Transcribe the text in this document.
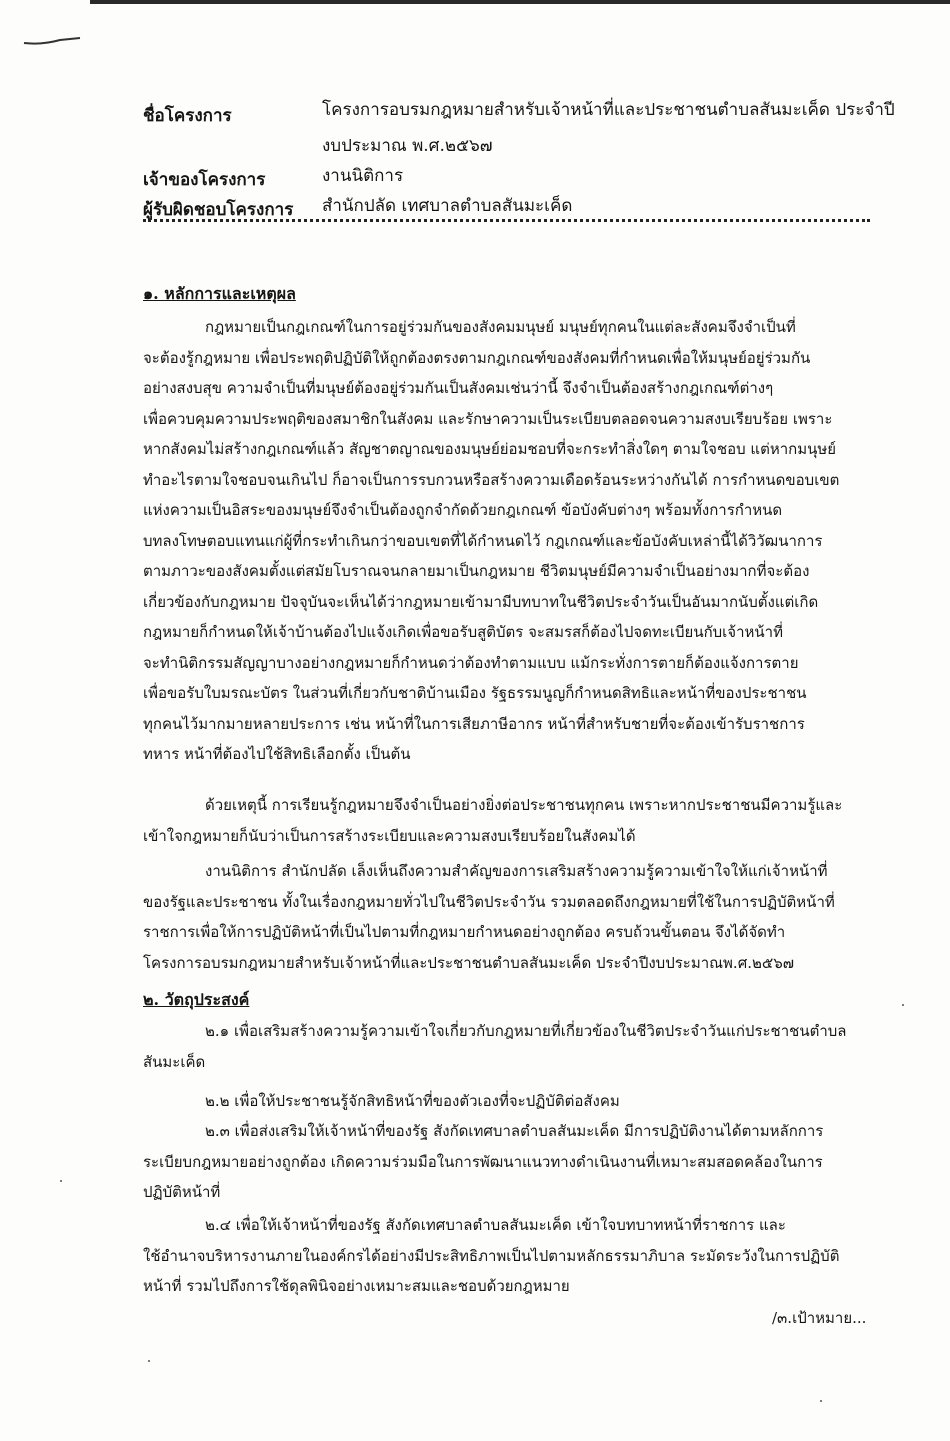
ชื่อโครงการ	โครงการอบรมกฎหมายสำหรับเจ้าหน้าที่และประชาชนตำบลสันมะเค็ด ประจำปี
งบประมาณ พ.ศ.๒๕๖๗
เจ้าของโครงการ	งานนิติการ
ผู้รับผิดชอบโครงการ สำนักปลัด เทศบาลตำบลสันมะเค็ด
๑. หลักการและเหตุผล
กฎหมายเป็นกฎเกณฑ์ในการอยู่ร่วมกันของสังคมมนุษย์ มนุษย์ทุกคนในแต่ละสังคมจึงจำเป็นที่
จะต้องรู้กฎหมาย เพื่อประพฤติปฏิบัติให้ถูกต้องตรงตามกฎเกณฑ์ของสังคมที่กำหนดเพื่อให้มนุษย์อยู่ร่วมกัน
อย่างสงบสุข ความจำเป็นที่มนุษย์ต้องอยู่ร่วมกันเป็นสังคมเช่นว่านี้ จึงจำเป็นต้องสร้างกฎเกณฑ์ต่างๆ
เพื่อควบคุมความประพฤติของสมาชิกในสังคม และรักษาความเป็นระเบียบตลอดจนความสงบเรียบร้อย เพราะ
หากสังคมไม่สร้างกฎเกณฑ์แล้ว สัญชาตญาณของมนุษย์ย่อมชอบที่จะกระทำสิ่งใดๆ ตามใจชอบ แต่หากมนุษย์
ทำอะไรตามใจชอบจนเกินไป ก็อาจเป็นการรบกวนหรือสร้างความเดือดร้อนระหว่างกันได้ การกำหนดขอบเขต
แห่งความเป็นอิสระของมนุษย์จึงจำเป็นต้องถูกจำกัดด้วยกฎเกณฑ์ ข้อบังคับต่างๆ พร้อมทั้งการกำหนด
บทลงโทษตอบแทนแก่ผู้ที่กระทำเกินกว่าขอบเขตที่ได้กำหนดไว้ กฎเกณฑ์และข้อบังคับเหล่านี้ได้วิวัฒนาการ
ตามภาวะของสังคมตั้งแต่สมัยโบราณจนกลายมาเป็นกฎหมาย ชีวิตมนุษย์มีความจำเป็นอย่างมากที่จะต้อง
เกี่ยวข้องกับกฎหมาย ปัจจุบันจะเห็นได้ว่ากฎหมายเข้ามามีบทบาทในชีวิตประจำวันเป็นอันมากนับตั้งแต่เกิด
กฎหมายก็กำหนดให้เจ้าบ้านต้องไปแจ้งเกิดเพื่อขอรับสูติบัตร จะสมรสก็ต้องไปจดทะเบียนกับเจ้าหน้าที่
จะทำนิติกรรมสัญญาบางอย่างกฎหมายก็กำหนดว่าต้องทำตามแบบ แม้กระทั่งการตายก็ต้องแจ้งการตาย
เพื่อขอรับใบมรณะบัตร ในส่วนที่เกี่ยวกับชาติบ้านเมือง รัฐธรรมนูญก็กำหนดสิทธิและหน้าที่ของประชาชน
ทุกคนไว้มากมายหลายประการ เช่น หน้าที่ในการเสียภาษีอากร หน้าที่สำหรับชายที่จะต้องเข้ารับราชการ
ทหาร หน้าที่ต้องไปใช้สิทธิเลือกตั้ง เป็นต้น
ด้วยเหตุนี้ การเรียนรู้กฎหมายจึงจำเป็นอย่างยิ่งต่อประชาชนทุกคน เพราะหากประชาชนมีความรู้และ
เข้าใจกฎหมายก็นับว่าเป็นการสร้างระเบียบและความสงบเรียบร้อยในสังคมได้
งานนิติการ สำนักปลัด เล็งเห็นถึงความสำคัญของการเสริมสร้างความรู้ความเข้าใจให้แก่เจ้าหน้าที่
ของรัฐและประชาชน ทั้งในเรื่องกฎหมายทั่วไปในชีวิตประจำวัน รวมตลอดถึงกฎหมายที่ใช้ในการปฏิบัติหน้าที่
ราชการเพื่อให้การปฏิบัติหน้าที่เป็นไปตามที่กฎหมายกำหนดอย่างถูกต้อง ครบถ้วนขั้นตอน จึงได้จัดทำ
โครงการอบรมกฎหมายสำหรับเจ้าหน้าที่และประชาชนตำบลสันมะเค็ด ประจำปีงบประมาณพ.ศ.๒๕๖๗
๒. วัตถุประสงค์
๒.๑ เพื่อเสริมสร้างความรู้ความเข้าใจเกี่ยวกับกฎหมายที่เกี่ยวข้องในชีวิตประจำวันแก่ประชาชนตำบล
สันมะเค็ด
๒.๒ เพื่อให้ประชาชนรู้จักสิทธิหน้าที่ของตัวเองที่จะปฏิบัติต่อสังคม
๒.๓ เพื่อส่งเสริมให้เจ้าหน้าที่ของรัฐ สังกัดเทศบาลตำบลสันมะเค็ด มีการปฏิบัติงานได้ตามหลักการ
ระเบียบกฎหมายอย่างถูกต้อง เกิดความร่วมมือในการพัฒนาแนวทางดำเนินงานที่เหมาะสมสอดคล้องในการ
ปฏิบัติหน้าที่
๒.๔ เพื่อให้เจ้าหน้าที่ของรัฐ สังกัดเทศบาลตำบลสันมะเค็ด เข้าใจบทบาทหน้าที่ราชการ และ
ใช้อำนาจบริหารงานภายในองค์กรได้อย่างมีประสิทธิภาพเป็นไปตามหลักธรรมาภิบาล ระมัดระวังในการปฏิบัติ
หน้าที่ รวมไปถึงการใช้ดุลพินิจอย่างเหมาะสมและชอบด้วยกฎหมาย
/๓.เป้าหมาย...
